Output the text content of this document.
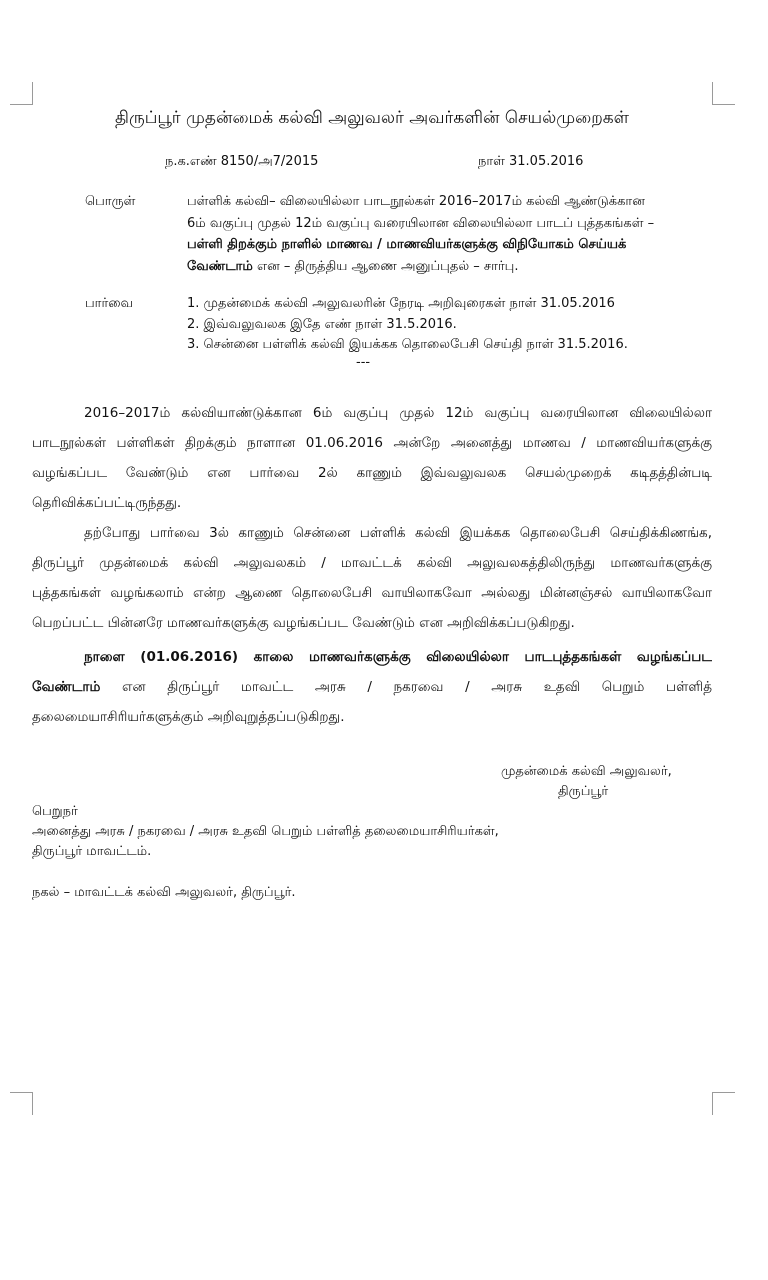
திருப்பூர் முதன்மைக் கல்வி அலுவலர் அவர்களின் செயல்முறைகள்
ந.க.எண் 8150/அ7/2015	நாள் 31.05.2016
பொருள்	பள்ளிக் கல்வி– விலையில்லா பாடநூல்கள் 2016–2017ம் கல்வி ஆண்டுக்கான
6ம் வகுப்பு முதல் 12ம் வகுப்பு வரையிலான விலையில்லா பாடப் புத்தகங்கள் –
பள்ளி திறக்கும் நாளில் மாணவ / மாணவியர்களுக்கு விநியோகம் செய்யக்
வேண்டாம் என – திருத்திய ஆணை அனுப்புதல் – சார்பு.
பார்வை	1. முதன்மைக் கல்வி அலுவலரின் நேரடி அறிவுரைகள் நாள் 31.05.2016
2. இவ்வலுவலக இதே எண் நாள் 31.5.2016.
3. சென்னை பள்ளிக் கல்வி இயக்கக தொலைபேசி செய்தி நாள் 31.5.2016.
---
2016–2017ம் கல்வியாண்டுக்கான 6ம் வகுப்பு முதல் 12ம் வகுப்பு வரையிலான விலையில்லா
பாடநூல்கள் பள்ளிகள் திறக்கும் நாளான 01.06.2016 அன்றே அனைத்து மாணவ / மாணவியர்களுக்கு
வழங்கப்பட வேண்டும் என பார்வை 2ல் காணும் இவ்வலுவலக செயல்முறைக் கடிதத்தின்படி
தெரிவிக்கப்பட்டிருந்தது.
தற்போது பார்வை 3ல் காணும் சென்னை பள்ளிக் கல்வி இயக்கக தொலைபேசி செய்திக்கிணங்க,
திருப்பூர் முதன்மைக் கல்வி அலுவலகம் / மாவட்டக் கல்வி அலுவலகத்திலிருந்து மாணவர்களுக்கு
புத்தகங்கள் வழங்கலாம் என்ற ஆணை தொலைபேசி வாயிலாகவோ அல்லது மின்னஞ்சல் வாயிலாகவோ
பெறப்பட்ட பின்னரே மாணவர்களுக்கு வழங்கப்பட வேண்டும் என அறிவிக்கப்படுகிறது.
நாளை (01.06.2016) காலை மாணவர்களுக்கு விலையில்லா பாடபுத்தகங்கள் வழங்கப்பட
வேண்டாம் என திருப்பூர் மாவட்ட அரசு / நகரவை / அரசு உதவி பெறும் பள்ளித்
தலைமையாசிரியர்களுக்கும் அறிவுறுத்தப்படுகிறது.
முதன்மைக் கல்வி அலுவலர்,
திருப்பூர்
பெறுநர்
அனைத்து அரசு / நகரவை / அரசு உதவி பெறும் பள்ளித் தலைமையாசிரியர்கள்,
திருப்பூர் மாவட்டம்.
நகல் – மாவட்டக் கல்வி அலுவலர், திருப்பூர்.
